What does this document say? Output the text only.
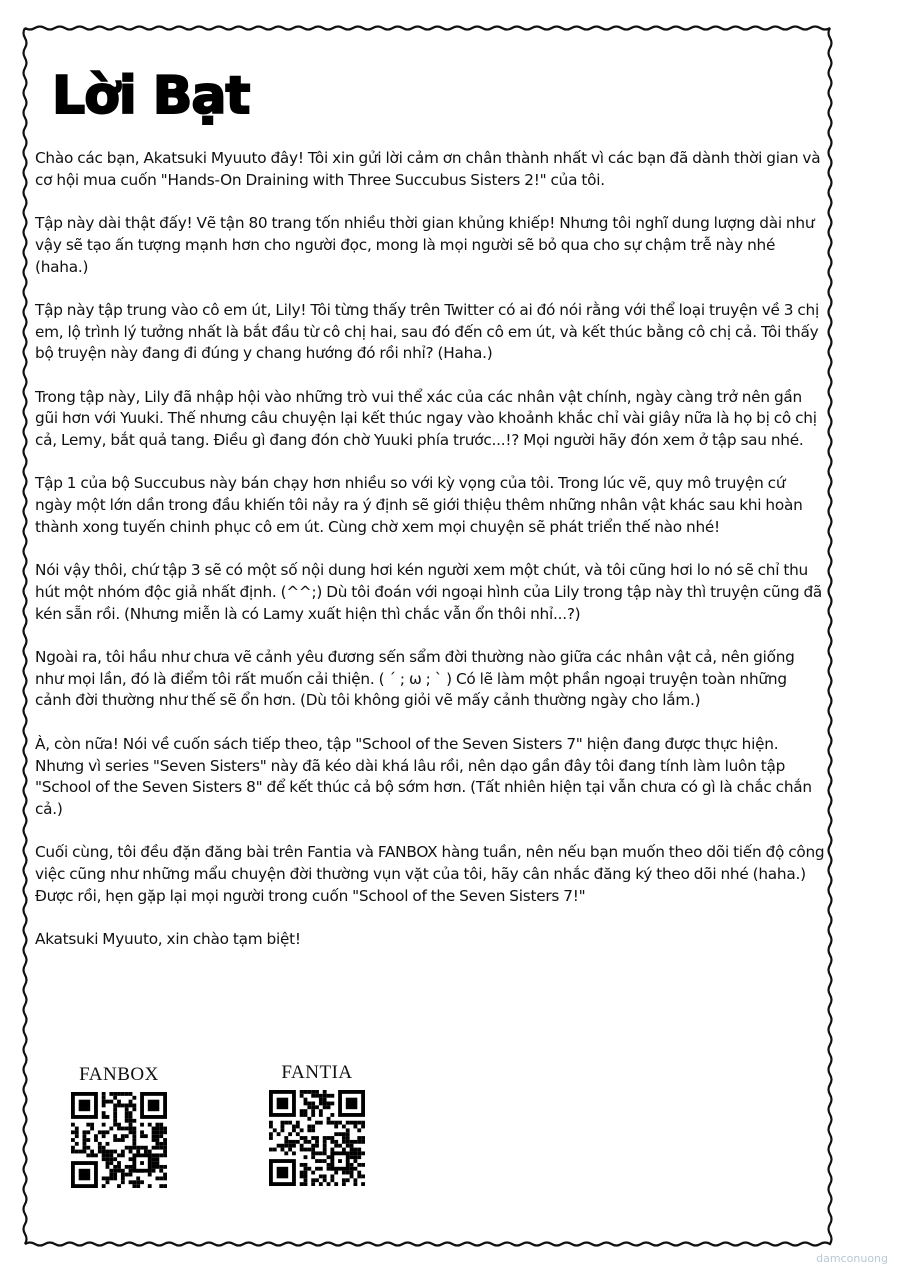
Lời Bạt

Chào các bạn, Akatsuki Myuuto đây! Tôi xin gửi lời cảm ơn chân thành nhất vì các bạn đã dành thời gian và cơ hội mua cuốn "Hands-On Draining with Three Succubus Sisters 2!" của tôi.

Tập này dài thật đấy! Vẽ tận 80 trang tốn nhiều thời gian khủng khiếp! Nhưng tôi nghĩ dung lượng dài như vậy sẽ tạo ấn tượng mạnh hơn cho người đọc, mong là mọi người sẽ bỏ qua cho sự chậm trễ này nhé (haha.)

Tập này tập trung vào cô em út, Lily! Tôi từng thấy trên Twitter có ai đó nói rằng với thể loại truyện về 3 chị em, lộ trình lý tưởng nhất là bắt đầu từ cô chị hai, sau đó đến cô em út, và kết thúc bằng cô chị cả. Tôi thấy bộ truyện này đang đi đúng y chang hướng đó rồi nhỉ? (Haha.)

Trong tập này, Lily đã nhập hội vào những trò vui thể xác của các nhân vật chính, ngày càng trở nên gần gũi hơn với Yuuki. Thế nhưng câu chuyện lại kết thúc ngay vào khoảnh khắc chỉ vài giây nữa là họ bị cô chị cả, Lemy, bắt quả tang. Điều gì đang đón chờ Yuuki phía trước...!? Mọi người hãy đón xem ở tập sau nhé.

Tập 1 của bộ Succubus này bán chạy hơn nhiều so với kỳ vọng của tôi. Trong lúc vẽ, quy mô truyện cứ ngày một lớn dần trong đầu khiến tôi nảy ra ý định sẽ giới thiệu thêm những nhân vật khác sau khi hoàn thành xong tuyến chinh phục cô em út. Cùng chờ xem mọi chuyện sẽ phát triển thế nào nhé!

Nói vậy thôi, chứ tập 3 sẽ có một số nội dung hơi kén người xem một chút, và tôi cũng hơi lo nó sẽ chỉ thu hút một nhóm độc giả nhất định. (^^;) Dù tôi đoán với ngoại hình của Lily trong tập này thì truyện cũng đã kén sẵn rồi. (Nhưng miễn là có Lamy xuất hiện thì chắc vẫn ổn thôi nhỉ...?)

Ngoài ra, tôi hầu như chưa vẽ cảnh yêu đương sến sẩm đời thường nào giữa các nhân vật cả, nên giống như mọi lần, đó là điểm tôi rất muốn cải thiện. ( ´ ; ω ; ` ) Có lẽ làm một phần ngoại truyện toàn những cảnh đời thường như thế sẽ ổn hơn. (Dù tôi không giỏi vẽ mấy cảnh thường ngày cho lắm.)

À, còn nữa! Nói về cuốn sách tiếp theo, tập "School of the Seven Sisters 7" hiện đang được thực hiện. Nhưng vì series "Seven Sisters" này đã kéo dài khá lâu rồi, nên dạo gần đây tôi đang tính làm luôn tập "School of the Seven Sisters 8" để kết thúc cả bộ sớm hơn. (Tất nhiên hiện tại vẫn chưa có gì là chắc chắn cả.)

Cuối cùng, tôi đều đặn đăng bài trên Fantia và FANBOX hàng tuần, nên nếu bạn muốn theo dõi tiến độ công việc cũng như những mẩu chuyện đời thường vụn vặt của tôi, hãy cân nhắc đăng ký theo dõi nhé (haha.)

Được rồi, hẹn gặp lại mọi người trong cuốn "School of the Seven Sisters 7!"

Akatsuki Myuuto, xin chào tạm biệt!

FANBOX	FANTIA
damconuong
